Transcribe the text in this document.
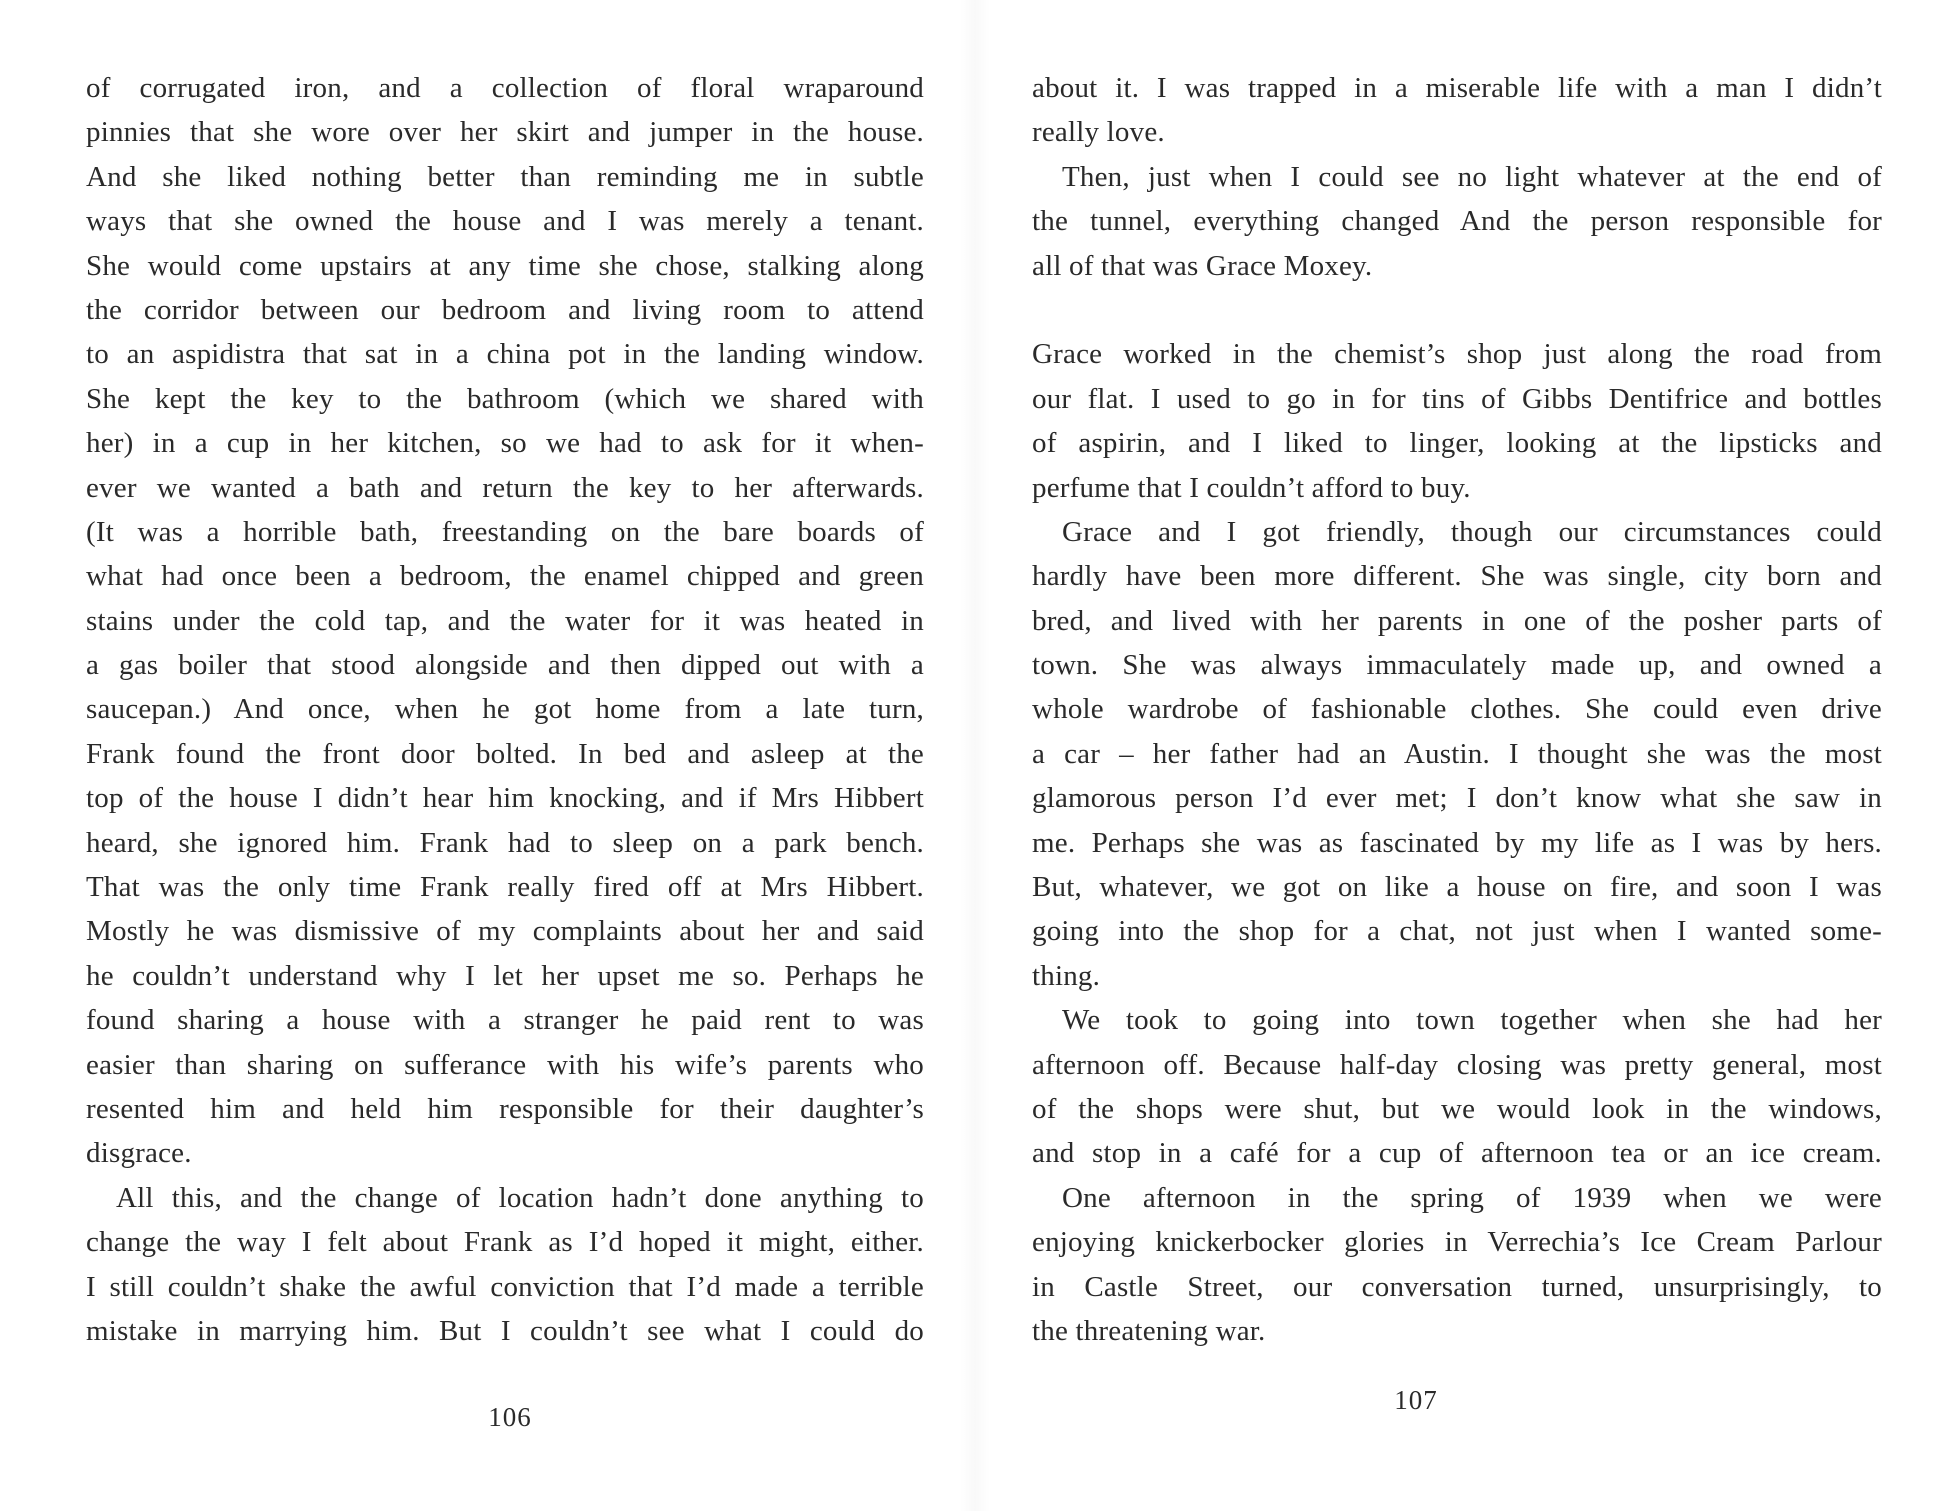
of corrugated iron, and a collection of floral wraparound
pinnies that she wore over her skirt and jumper in the house.
And she liked nothing better than reminding me in subtle
ways that she owned the house and I was merely a tenant.
She would come upstairs at any time she chose, stalking along
the corridor between our bedroom and living room to attend
to an aspidistra that sat in a china pot in the landing window.
She kept the key to the bathroom (which we shared with
her) in a cup in her kitchen, so we had to ask for it when-
ever we wanted a bath and return the key to her afterwards.
(It was a horrible bath, freestanding on the bare boards of
what had once been a bedroom, the enamel chipped and green
stains under the cold tap, and the water for it was heated in
a gas boiler that stood alongside and then dipped out with a
saucepan.) And once, when he got home from a late turn,
Frank found the front door bolted. In bed and asleep at the
top of the house I didn’t hear him knocking, and if Mrs Hibbert
heard, she ignored him. Frank had to sleep on a park bench.
That was the only time Frank really fired off at Mrs Hibbert.
Mostly he was dismissive of my complaints about her and said
he couldn’t understand why I let her upset me so. Perhaps he
found sharing a house with a stranger he paid rent to was
easier than sharing on sufferance with his wife’s parents who
resented him and held him responsible for their daughter’s
disgrace.
All this, and the change of location hadn’t done anything to
change the way I felt about Frank as I’d hoped it might, either.
I still couldn’t shake the awful conviction that I’d made a terrible
mistake in marrying him. But I couldn’t see what I could do
106
about it. I was trapped in a miserable life with a man I didn’t
really love.
Then, just when I could see no light whatever at the end of
the tunnel, everything changed And the person responsible for
all of that was Grace Moxey.
Grace worked in the chemist’s shop just along the road from
our flat. I used to go in for tins of Gibbs Dentifrice and bottles
of aspirin, and I liked to linger, looking at the lipsticks and
perfume that I couldn’t afford to buy.
Grace and I got friendly, though our circumstances could
hardly have been more different. She was single, city born and
bred, and lived with her parents in one of the posher parts of
town. She was always immaculately made up, and owned a
whole wardrobe of fashionable clothes. She could even drive
a car – her father had an Austin. I thought she was the most
glamorous person I’d ever met; I don’t know what she saw in
me. Perhaps she was as fascinated by my life as I was by hers.
But, whatever, we got on like a house on fire, and soon I was
going into the shop for a chat, not just when I wanted some-
thing.
We took to going into town together when she had her
afternoon off. Because half-day closing was pretty general, most
of the shops were shut, but we would look in the windows,
and stop in a café for a cup of afternoon tea or an ice cream.
One afternoon in the spring of 1939 when we were
enjoying knickerbocker glories in Verrechia’s Ice Cream Parlour
in Castle Street, our conversation turned, unsurprisingly, to
the threatening war.
107
